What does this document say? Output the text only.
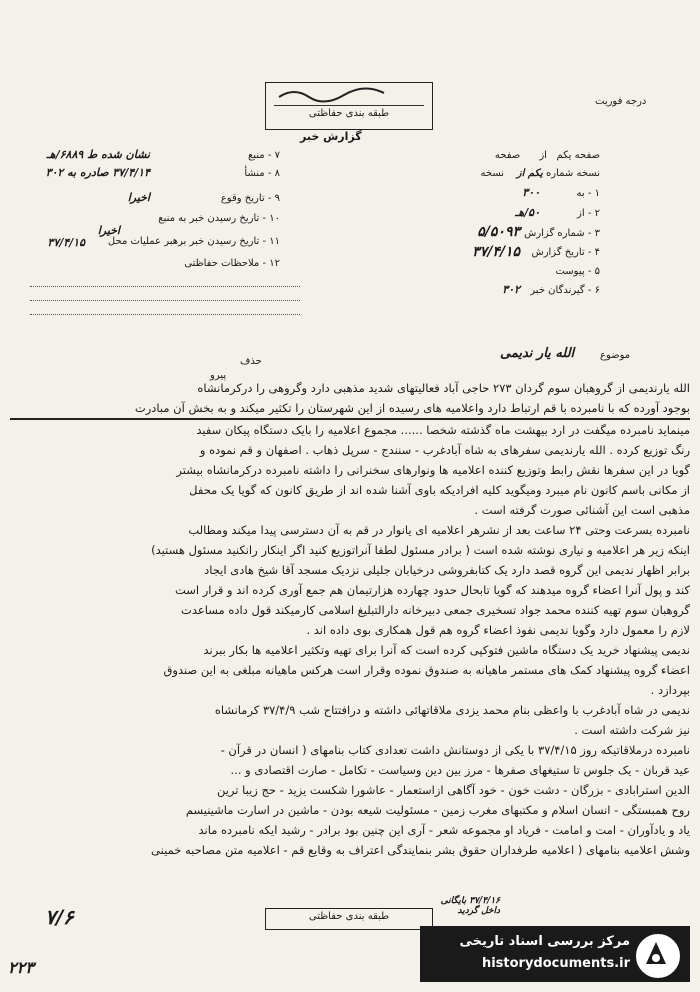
طبقه بندی حفاظتی
گزارش خبر
درجه فوریت
۷ - منبع
نشان شده ط ۶۸۸۹/هـ
۸ - منشأ
۳۷/۴/۱۴ صادره به ۳۰۲
۹ - تاریخ وقوع
اخیرا
۱۰ - تاریخ رسیدن خبر به منبع
اخیرا
۱۱ - تاریخ رسیدن خبر برهبر عملیات محل
۳۷/۴/۱۵
۱۲ - ملاحظات حفاظتی
صفحه یکم   از      صفحه
نسخه شماره یکم از    نسخه
۱ - به
۳۰۰
۲ - از
۵۰/هـ
۳ - شماره گزارش
۵/۵۰۹۳
۴ - تاریخ گزارش
۳۷/۴/۱۵
۵ - پیوست
۶ - گیرندگان خبر
۳۰۲
موضوع
الله یار ندیمی
حذف
پیرو
الله یارندیمی از گروهبان سوم گردان ۲۷۳ حاجی آباد فعالیتهای شدید مذهبی دارد وگروهی را درکرمانشاه
بوجود آورده که با نامبرده با قم ارتباط دارد واعلامیه های رسیده از این شهرستان را تکثیر میکند و به بخش آن مبادرت
مینماید نامبرده میگفت در ارد بیهشت ماه گذشته شخصا ...... مجموع اعلامیه را بایک دستگاه پیکان سفید
رنگ توزیع کرده . الله یارندیمی سفرهای به شاه آبادغرب - سنندج - سرپل ذهاب . اصفهان و قم نموده و
گویا در این سفرها نقش رابط وتوزیع کننده اعلامیه ها ونوارهای سخنرانی را داشته نامبرده درکرمانشاه بیشتر
از مکانی باسم کانون نام میبرد ومیگوید کلیه افرادیکه باوی آشنا شده اند از طریق کانون که گویا یک محفل
مذهبی است این آشنائی صورت گرفته است .
نامبرده بسرعت وحتی ۲۴ ساعت بعد از نشرهر اعلامیه ای یانوار در قم به آن دسترسی پیدا میکند ومطالب
اینکه زیر هر اعلامیه و نیاری نوشته شده است ( برادر مسئول لطفا آنراتوزیع کنید اگر اینکار رانکنید مسئول هستید)
برابر اظهار ندیمی این گروه قصد دارد یک کتابفروشی درخیابان جلیلی نزدیک مسجد آقا شیخ هادی ایجاد
کند و پول آنرا اعضاء گروه میدهند که گویا تابحال حدود چهارده هزارتیمان هم جمع آوری کرده اند و قرار است
گروهبان سوم تهیه کننده محمد جواد تسخیری جمعی دبیرخانه دارالتبلیغ اسلامی کارمیکند قول داده مساعدت
لازم را معمول دارد وگویا ندیمی نفوذ اعضاء گروه هم قول همکاری بوی داده اند .
ندیمی پیشنهاد خرید یک دستگاه ماشین فتوکپی کرده است که آنرا برای تهیه وتکثیر اعلامیه ها بکار ببرند
اعضاء گروه پیشنهاد کمک های مستمر ماهیانه به صندوق نموده وقرار است هرکس ماهیانه مبلغی به این صندوق
بپردازد .
ندیمی در شاه آبادغرب با واعظی بنام محمد یزدی ملاقاتهائی داشته و درافتتاح شب ۳۷/۴/۹ کرمانشاه
نیز شرکت داشته است .
نامبرده درملاقاتیکه روز ۳۷/۴/۱۵ با یکی از دوستانش داشت تعدادی کتاب بنامهای ( انسان در قرآن -
عید قربان - یک جلوس تا ستیغهای صفرها - مرز بین دین وسیاست - تکامل - صارت اقتصادی و ...
الدین استرابادی - بزرگان - دشت خون - خود آگاهی ازاستعمار - عاشورا شکست یزید - حج زیبا ترین
روح همبستگی - انسان اسلام و مکتبهای مغرب زمین - مسئولیت شیعه بودن - ماشین در اسارت ماشینیسم
یاد و یادآوران - امت و امامت - فریاد او مجموعه شعر - آری این چنین بود برادر - رشید ایکه نامبرده ماند
وشش اعلامیه بنامهای ( اعلامیه طرفداران حقوق بشر بنمایندگی اعتراف به وقایع قم - اعلامیه متن مصاحبه خمینی
طبقه بندی حفاظتی
۳۷/۴/۱۶ بایگانی
داخل گردید
۷/۶
۲۲۳
مرکز بررسی اسناد تاریخی
historydocuments.ir
